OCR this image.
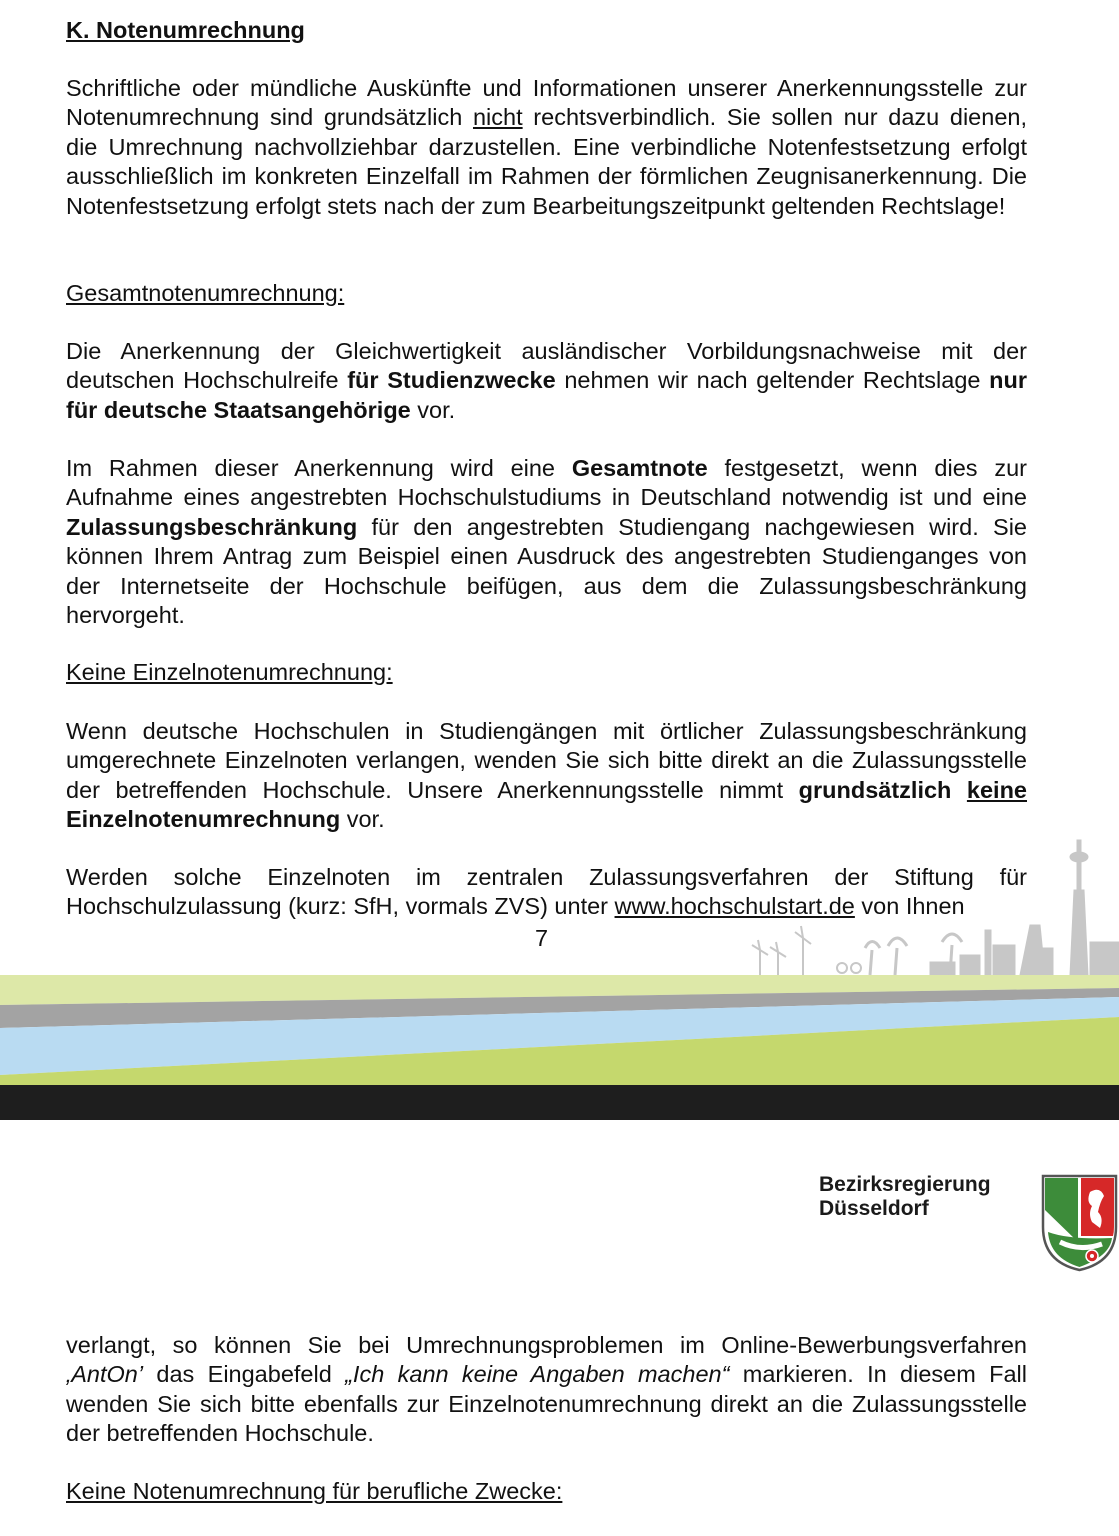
K. Notenumrechnung

Schriftliche oder mündliche Auskünfte und Informationen unserer Anerkennungsstelle zur Notenumrechnung sind grundsätzlich nicht rechtsverbindlich. Sie sollen nur dazu dienen, die Umrechnung nachvollziehbar darzustellen. Eine verbindliche Notenfestsetzung erfolgt ausschließlich im konkreten Einzelfall im Rahmen der förmlichen Zeugnisanerkennung. Die Notenfestsetzung erfolgt stets nach der zum Bearbeitungszeitpunkt geltenden Rechtslage!

Gesamtnotenumrechnung:

Die Anerkennung der Gleichwertigkeit ausländischer Vorbildungsnachweise mit der deutschen Hochschulreife für Studienzwecke nehmen wir nach geltender Rechtslage nur für deutsche Staatsangehörige vor.

Im Rahmen dieser Anerkennung wird eine Gesamtnote festgesetzt, wenn dies zur Aufnahme eines angestrebten Hochschulstudiums in Deutschland notwendig ist und eine Zulassungsbeschränkung für den angestrebten Studiengang nachgewiesen wird. Sie können Ihrem Antrag zum Beispiel einen Ausdruck des angestrebten Studienganges von der Internetseite der Hochschule beifügen, aus dem die Zulassungsbeschränkung hervorgeht.

Keine Einzelnotenumrechnung:

Wenn deutsche Hochschulen in Studiengängen mit örtlicher Zulassungsbeschränkung umgerechnete Einzelnoten verlangen, wenden Sie sich bitte direkt an die Zulassungsstelle der betreffenden Hochschule. Unsere Anerkennungsstelle nimmt grundsätzlich keine Einzelnotenumrechnung vor.

Werden solche Einzelnoten im zentralen Zulassungsverfahren der Stiftung für Hochschulzulassung (kurz: SfH, vormals ZVS) unter www.hochschulstart.de von Ihnen

7
Bezirksregierung
Düsseldorf

verlangt, so können Sie bei Umrechnungsproblemen im Online-Bewerbungsverfahren ‚AntOn’ das Eingabefeld „Ich kann keine Angaben machen“ markieren. In diesem Fall wenden Sie sich bitte ebenfalls zur Einzelnotenumrechnung direkt an die Zulassungsstelle der betreffenden Hochschule.

Keine Notenumrechnung für berufliche Zwecke:
